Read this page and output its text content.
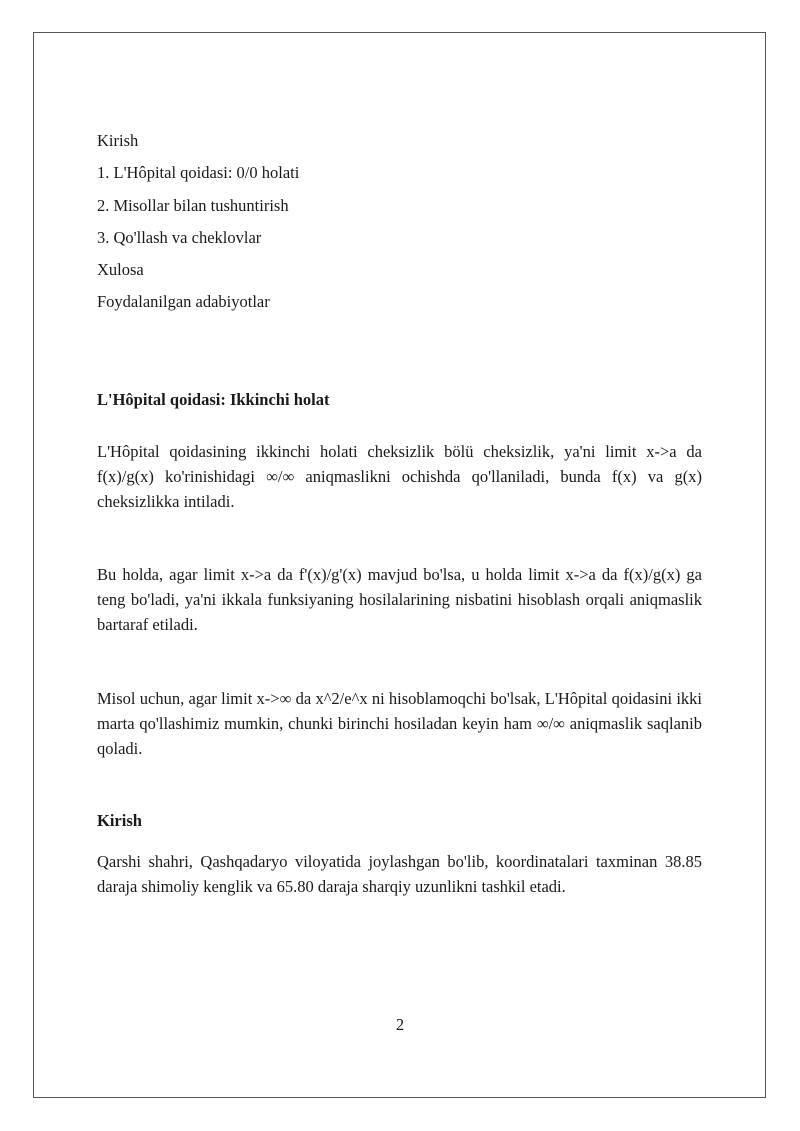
Kirish
1. L'Hôpital qoidasi: 0/0 holati
2. Misollar bilan tushuntirish
3. Qo'llash va cheklovlar
Xulosa
Foydalanilgan adabiyotlar
L'Hôpital qoidasi: Ikkinchi holat

L'Hôpital qoidasining ikkinchi holati cheksizlik bölü cheksizlik, ya'ni limit x->a da f(x)/g(x) ko'rinishidagi ∞/∞ aniqmaslikni ochishda qo'llaniladi, bunda f(x) va g(x) cheksizlikka intiladi.

Bu holda, agar limit x->a da f'(x)/g'(x) mavjud bo'lsa, u holda limit x->a da f(x)/g(x) ga teng bo'ladi, ya'ni ikkala funksiyaning hosilalarining nisbatini hisoblash orqali aniqmaslik bartaraf etiladi.

Misol uchun, agar limit x->∞ da x^2/e^x ni hisoblamoqchi bo'lsak, L'Hôpital qoidasini ikki marta qo'llashimiz mumkin, chunki birinchi hosiladan keyin ham ∞/∞ aniqmaslik saqlanib qoladi.

Kirish

Qarshi shahri, Qashqadaryo viloyatida joylashgan bo'lib, koordinatalari taxminan 38.85 daraja shimoliy kenglik va 65.80 daraja sharqiy uzunlikni tashkil etadi.

2
